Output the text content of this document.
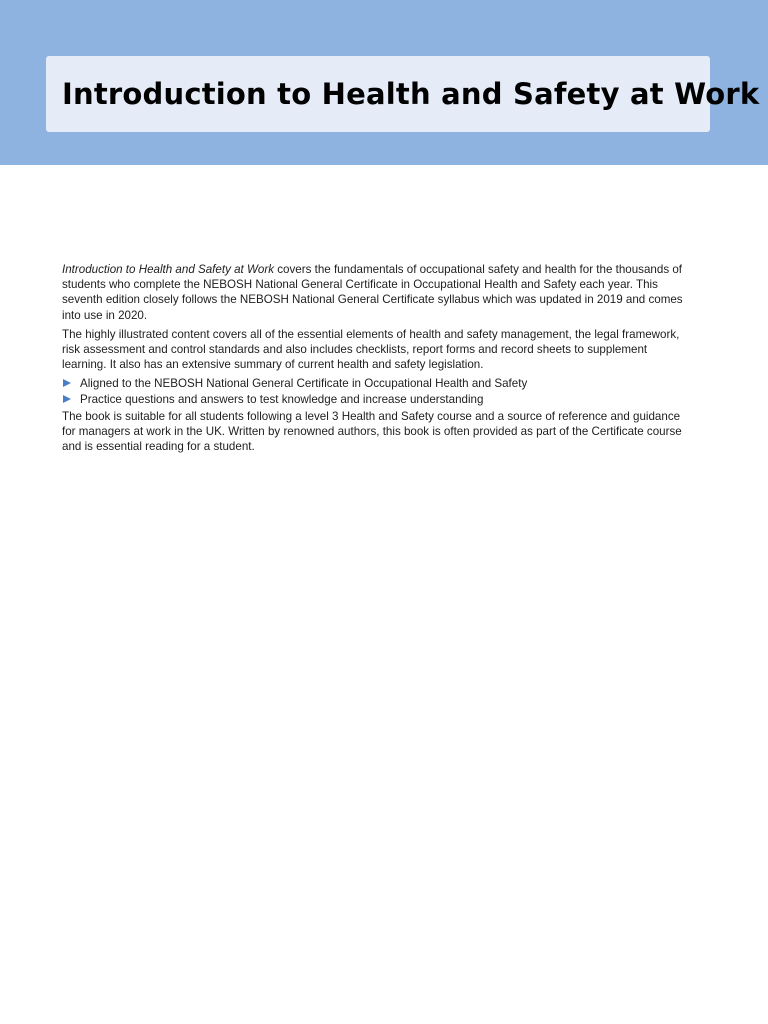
Introduction to Health and Safety at Work

Introduction to Health and Safety at Work covers the fundamentals of occupational safety and health for the thousands of students who complete the NEBOSH National General Certificate in Occupational Health and Safety each year. This seventh edition closely follows the NEBOSH National General Certificate syllabus which was updated in 2019 and comes into use in 2020.

The highly illustrated content covers all of the essential elements of health and safety management, the legal framework, risk assessment and control standards and also includes checklists, report forms and record sheets to supplement learning. It also has an extensive summary of current health and safety legislation.

Aligned to the NEBOSH National General Certificate in Occupational Health and Safety
Practice questions and answers to test knowledge and increase understanding

The book is suitable for all students following a level 3 Health and Safety course and a source of reference and guidance for managers at work in the UK. Written by renowned authors, this book is often provided as part of the Certificate course and is essential reading for a student.
